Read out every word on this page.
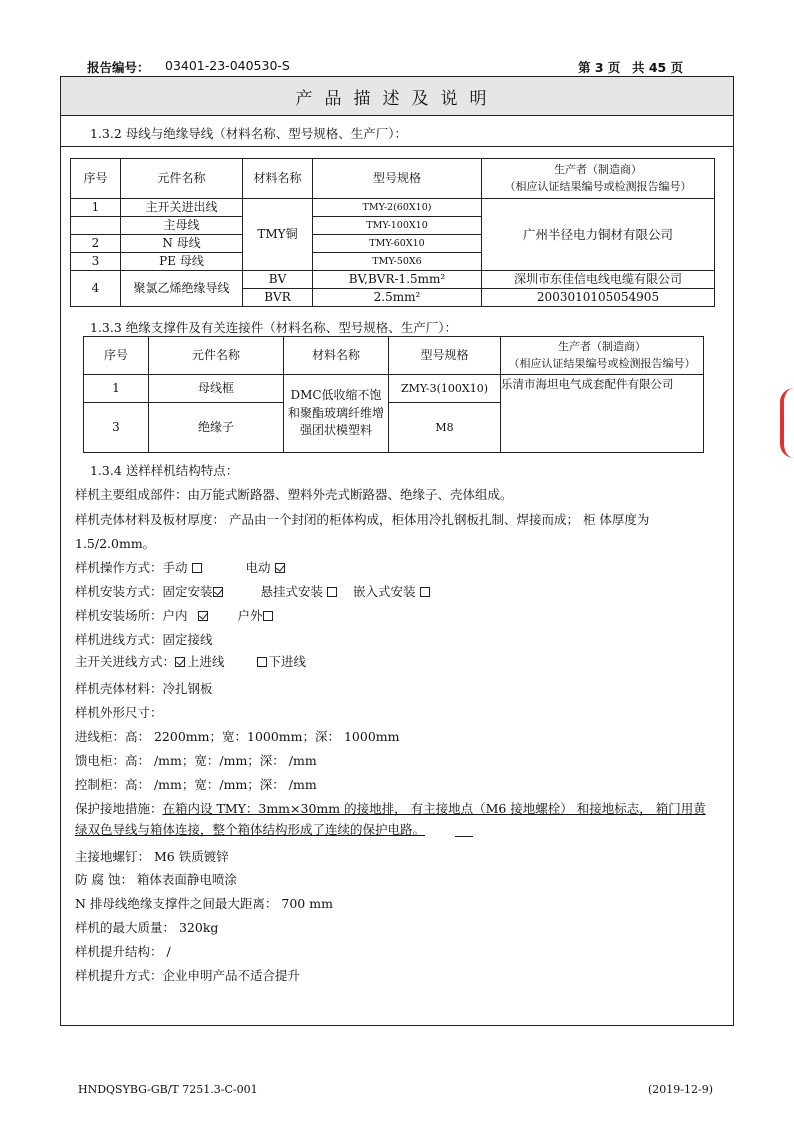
报告编号： 03401-23-040530-S	第 3 页 共 45 页
产品描述及说明
1.3.2 母线与绝缘导线（材料名称、型号规格、生产厂）：
序号	元件名称	材料名称	型号规格	生产者（制造商）
（相应认证结果编号或检测报告编号）

1	主开关进出线	TMY铜	TMY-2(60X10)	广州半径电力铜材有限公司
	主母线		TMY-100X10	
2	N 母线		TMY-60X10	
3	PE 母线		TMY-50X6	
4	聚氯乙烯绝缘导线	BV	BV,BVR-1.5mm²	深圳市东佳信电线电缆有限公司
		BVR	2.5mm²	2003010105054905
1.3.3 绝缘支撑件及有关连接件（材料名称、型号规格、生产厂）：
序号	元件名称	材料名称	型号规格	生产者（制造商）
（相应认证结果编号或检测报告编号）

1	母线框	DMC低收缩不饱和聚酯玻璃纤维增强团状模塑料	ZMY-3(100X10)	乐清市海坦电气成套配件有限公司
3	绝缘子		M8	
1.3.4 送样样机结构特点：
样机主要组成部件：由万能式断路器、塑料外壳式断路器、绝缘子、壳体组成。
样机壳体材料及板材厚度： 产品由一个封闭的柜体构成，柜体用冷扎钢板扎制、焊接而成； 柜 体厚度为
1.5/2.0mm。
样机操作方式：手动	电动
样机安装方式：固定安装	悬挂式安装 嵌入式安装
样机安装场所：户内	户外
样机进线方式：固定接线
主开关进线方式： 上进线	下进线
样机壳体材料：冷扎钢板
样机外形尺寸：
进线柜：高： 2200mm；宽：1000mm；深： 1000mm
馈电柜：高： /mm；宽：/mm；深： /mm
控制柜：高： /mm；宽：/mm；深： /mm
保护接地措施：在箱内设 TMY：3mm×30mm 的接地排， 有主接地点（M6 接地螺栓） 和接地标志， 箱门用黄
绿双色导线与箱体连接，整个箱体结构形成了连续的保护电路。
主接地螺钉： M6 铁质镀锌
防 腐 蚀： 箱体表面静电喷涂
N 排母线绝缘支撑件之间最大距离： 700 mm
样机的最大质量： 320kg
样机提升结构： /
样机提升方式：企业申明产品不适合提升
HNDQSYBG-GB/T 7251.3-C-001	(2019-12-9)
